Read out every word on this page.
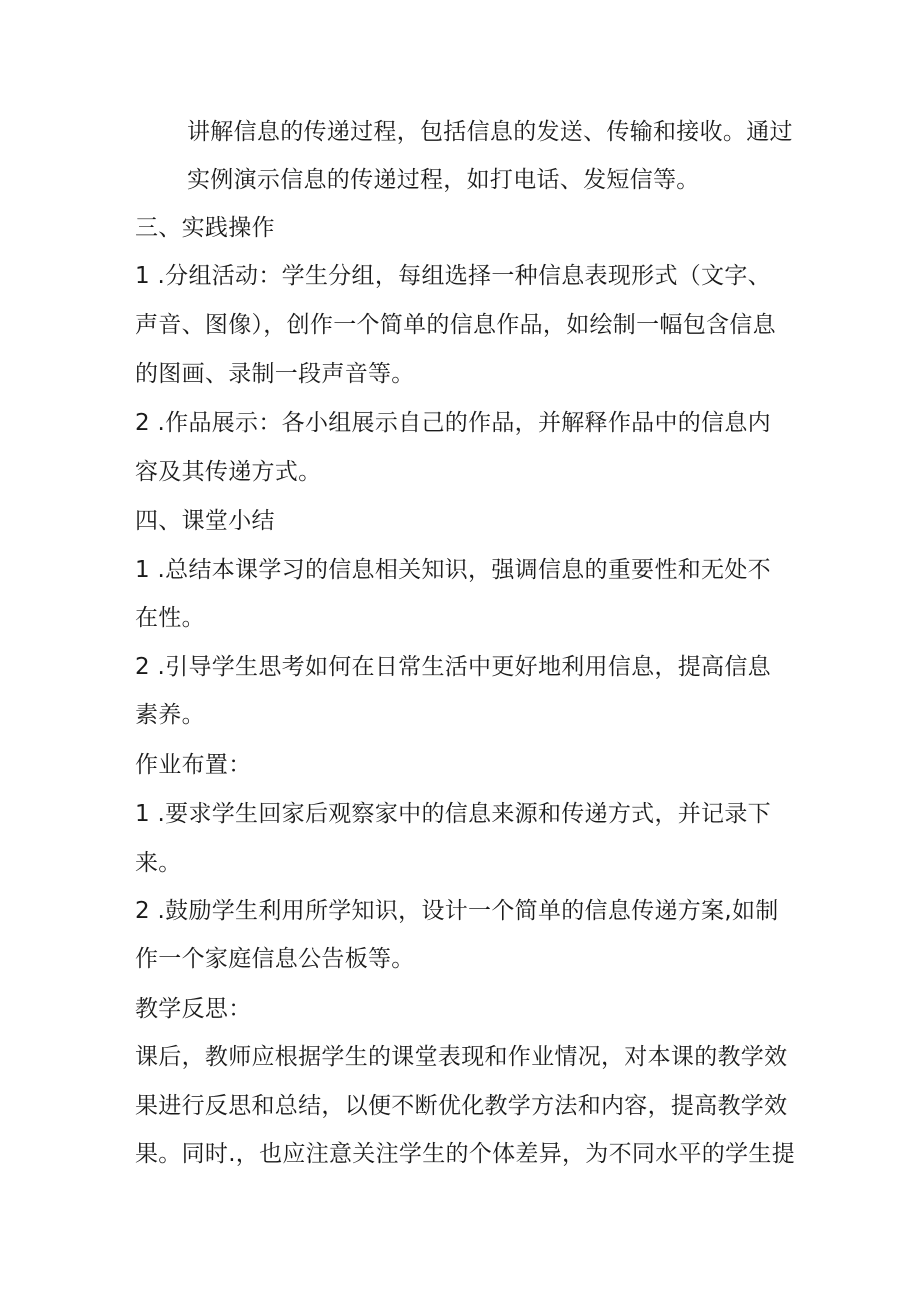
讲解信息的传递过程，包括信息的发送、传输和接收。通过
实例演示信息的传递过程，如打电话、发短信等。
三、实践操作
1 .分组活动：学生分组，每组选择一种信息表现形式（文字、
声音、图像），创作一个简单的信息作品，如绘制一幅包含信息
的图画、录制一段声音等。
2 .作品展示：各小组展示自己的作品，并解释作品中的信息内
容及其传递方式。
四、课堂小结
1 .总结本课学习的信息相关知识，强调信息的重要性和无处不
在性。
2 .引导学生思考如何在日常生活中更好地利用信息，提高信息
素养。
作业布置：
1 .要求学生回家后观察家中的信息来源和传递方式，并记录下
来。
2 .鼓励学生利用所学知识，设计一个简单的信息传递方案,如制
作一个家庭信息公告板等。
教学反思：
课后，教师应根据学生的课堂表现和作业情况，对本课的教学效
果进行反思和总结，以便不断优化教学方法和内容，提高教学效
果。同时.，也应注意关注学生的个体差异，为不同水平的学生提
